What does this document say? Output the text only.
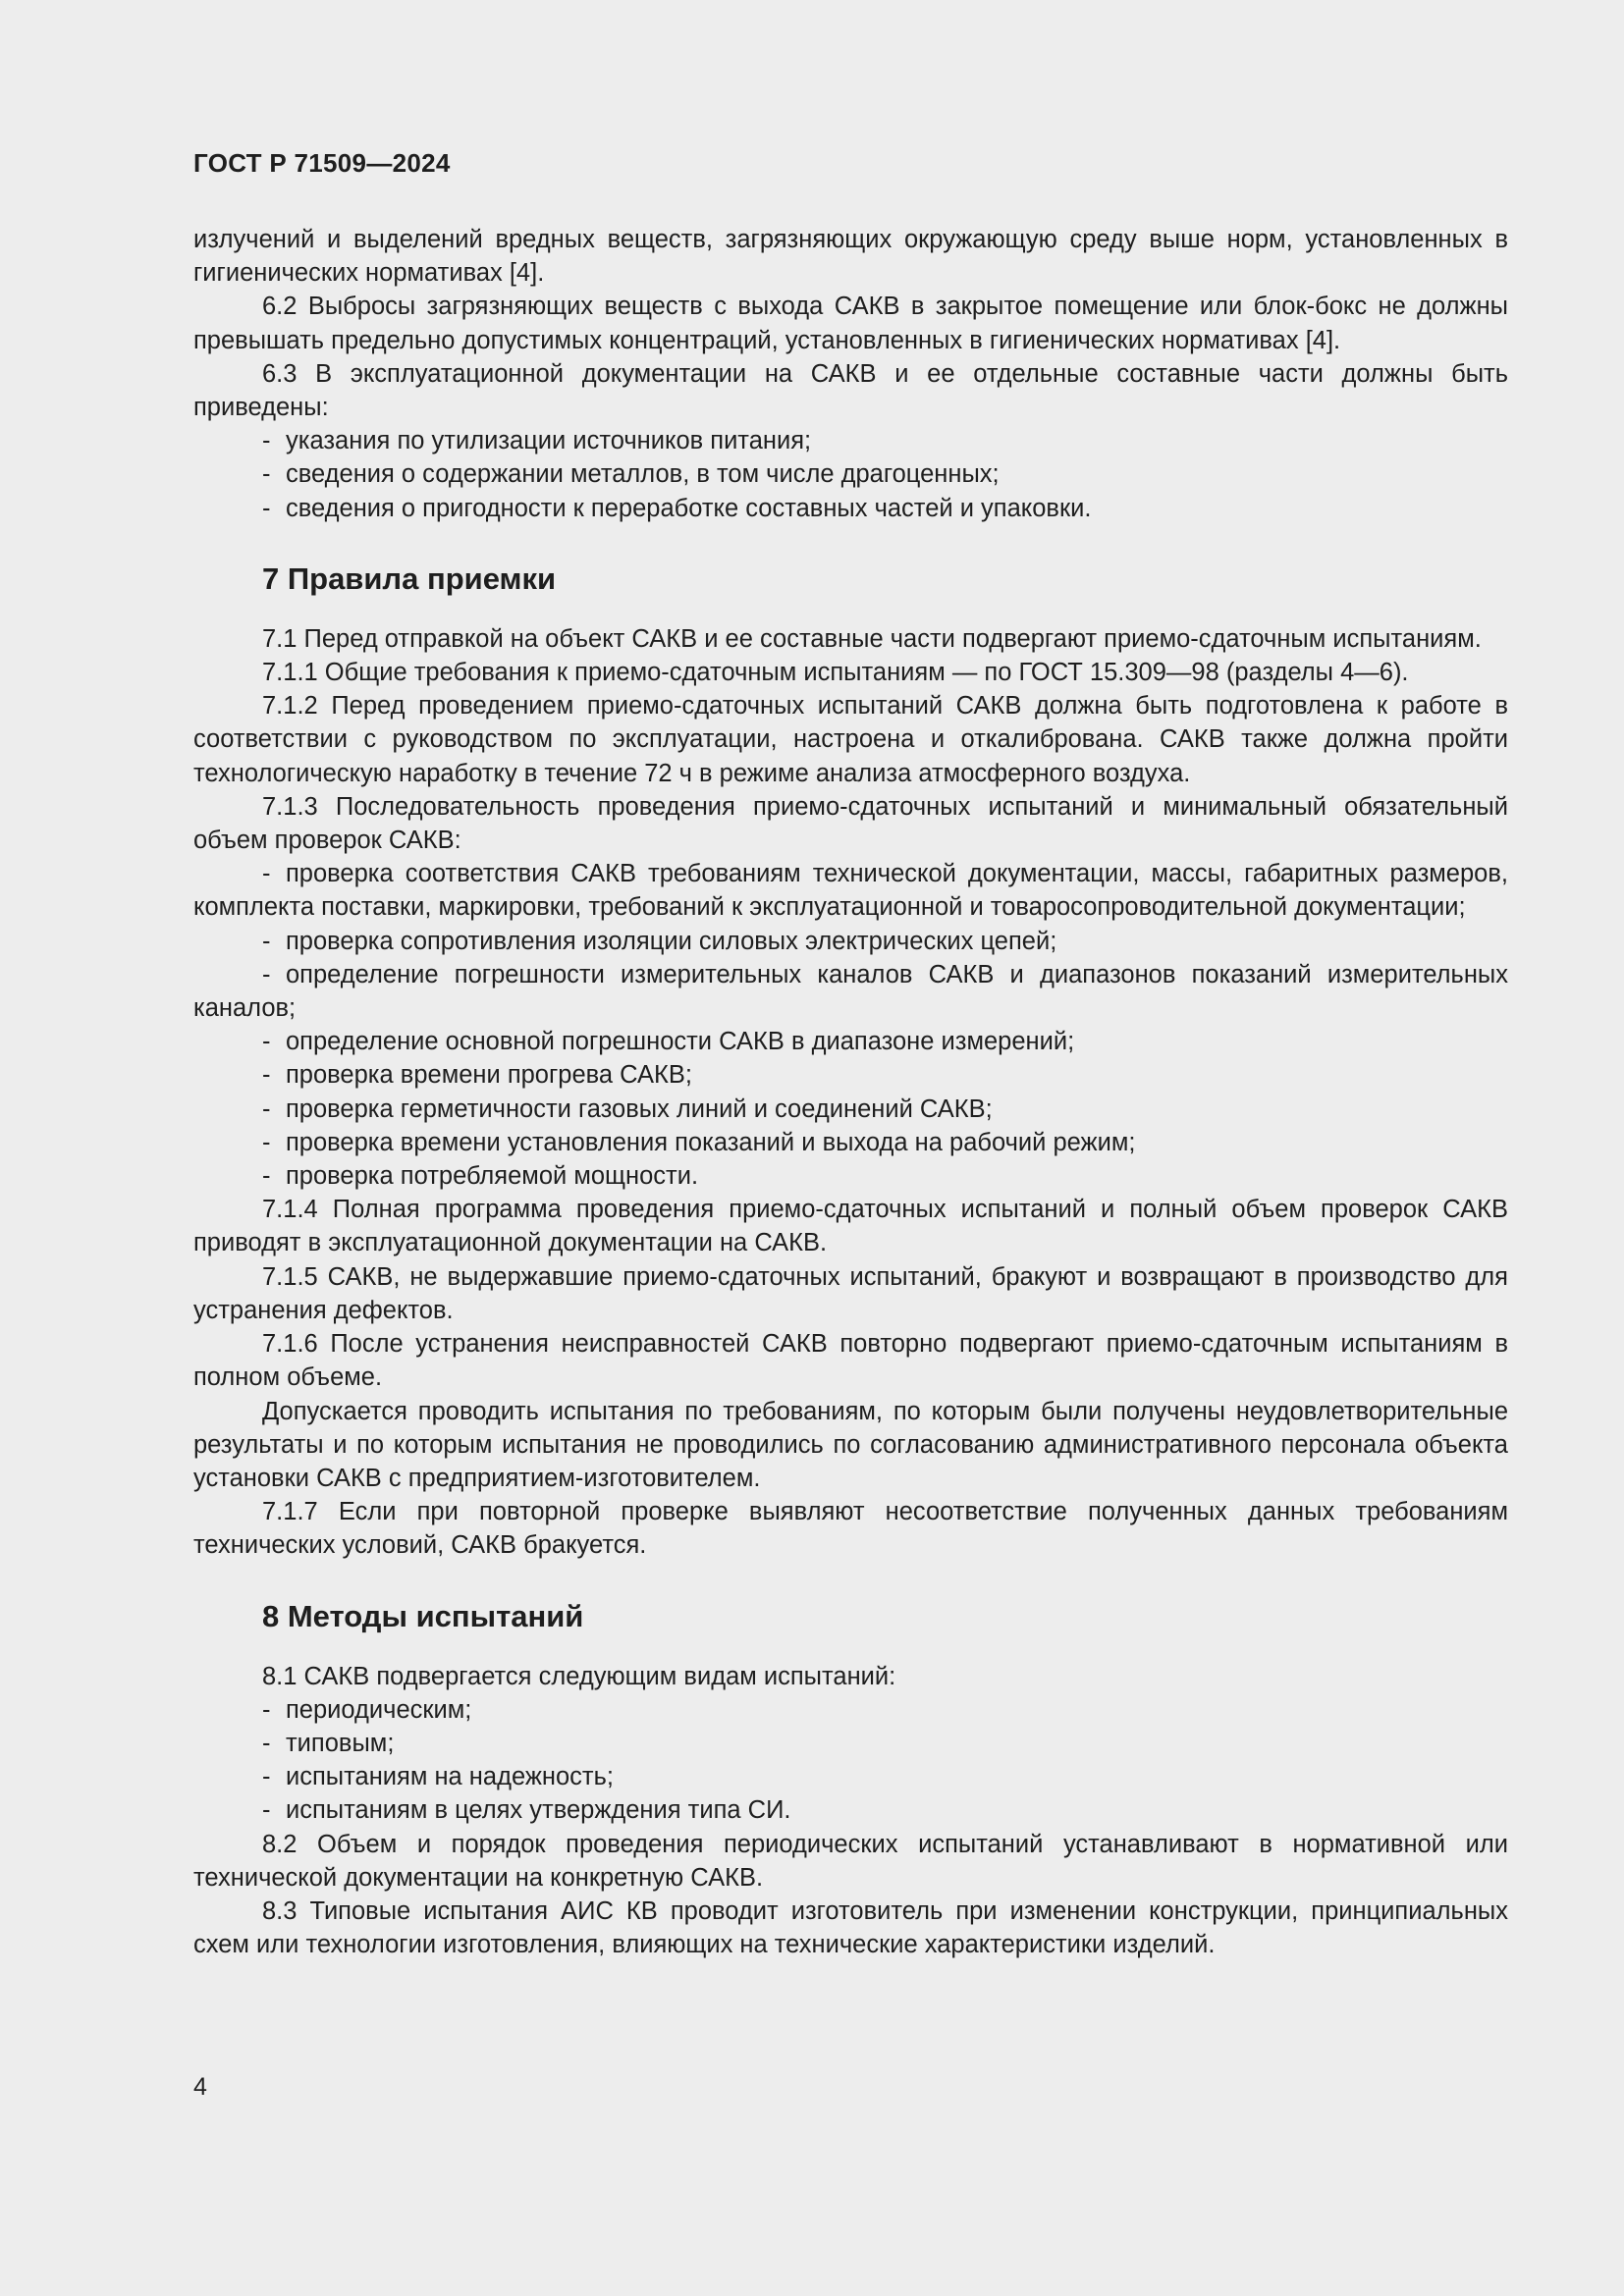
ГОСТ Р 71509—2024
излучений и выделений вредных веществ, загрязняющих окружающую среду выше норм, установленных в гигиенических нормативах [4].
6.2 Выбросы загрязняющих веществ с выхода САКВ в закрытое помещение или блок-бокс не должны превышать предельно допустимых концентраций, установленных в гигиенических нормативах [4].
6.3 В эксплуатационной документации на САКВ и ее отдельные составные части должны быть приведены:
- указания по утилизации источников питания;
- сведения о содержании металлов, в том числе драгоценных;
- сведения о пригодности к переработке составных частей и упаковки.
7 Правила приемки
7.1 Перед отправкой на объект САКВ и ее составные части подвергают приемо-сдаточным испытаниям.
7.1.1 Общие требования к приемо-сдаточным испытаниям — по ГОСТ 15.309—98 (разделы 4—6).
7.1.2 Перед проведением приемо-сдаточных испытаний САКВ должна быть подготовлена к работе в соответствии с руководством по эксплуатации, настроена и откалибрована. САКВ также должна пройти технологическую наработку в течение 72 ч в режиме анализа атмосферного воздуха.
7.1.3 Последовательность проведения приемо-сдаточных испытаний и минимальный обязательный объем проверок САКВ:
- проверка соответствия САКВ требованиям технической документации, массы, габаритных размеров, комплекта поставки, маркировки, требований к эксплуатационной и товаросопроводительной документации;
- проверка сопротивления изоляции силовых электрических цепей;
- определение погрешности измерительных каналов САКВ и диапазонов показаний измерительных каналов;
- определение основной погрешности САКВ в диапазоне измерений;
- проверка времени прогрева САКВ;
- проверка герметичности газовых линий и соединений САКВ;
- проверка времени установления показаний и выхода на рабочий режим;
- проверка потребляемой мощности.
7.1.4 Полная программа проведения приемо-сдаточных испытаний и полный объем проверок САКВ приводят в эксплуатационной документации на САКВ.
7.1.5 САКВ, не выдержавшие приемо-сдаточных испытаний, бракуют и возвращают в производство для устранения дефектов.
7.1.6 После устранения неисправностей САКВ повторно подвергают приемо-сдаточным испытаниям в полном объеме.
Допускается проводить испытания по требованиям, по которым были получены неудовлетворительные результаты и по которым испытания не проводились по согласованию административного персонала объекта установки САКВ с предприятием-изготовителем.
7.1.7 Если при повторной проверке выявляют несоответствие полученных данных требованиям технических условий, САКВ бракуется.
8 Методы испытаний
8.1 САКВ подвергается следующим видам испытаний:
- периодическим;
- типовым;
- испытаниям на надежность;
- испытаниям в целях утверждения типа СИ.
8.2 Объем и порядок проведения периодических испытаний устанавливают в нормативной или технической документации на конкретную САКВ.
8.3 Типовые испытания АИС КВ проводит изготовитель при изменении конструкции, принципиальных схем или технологии изготовления, влияющих на технические характеристики изделий.
4
